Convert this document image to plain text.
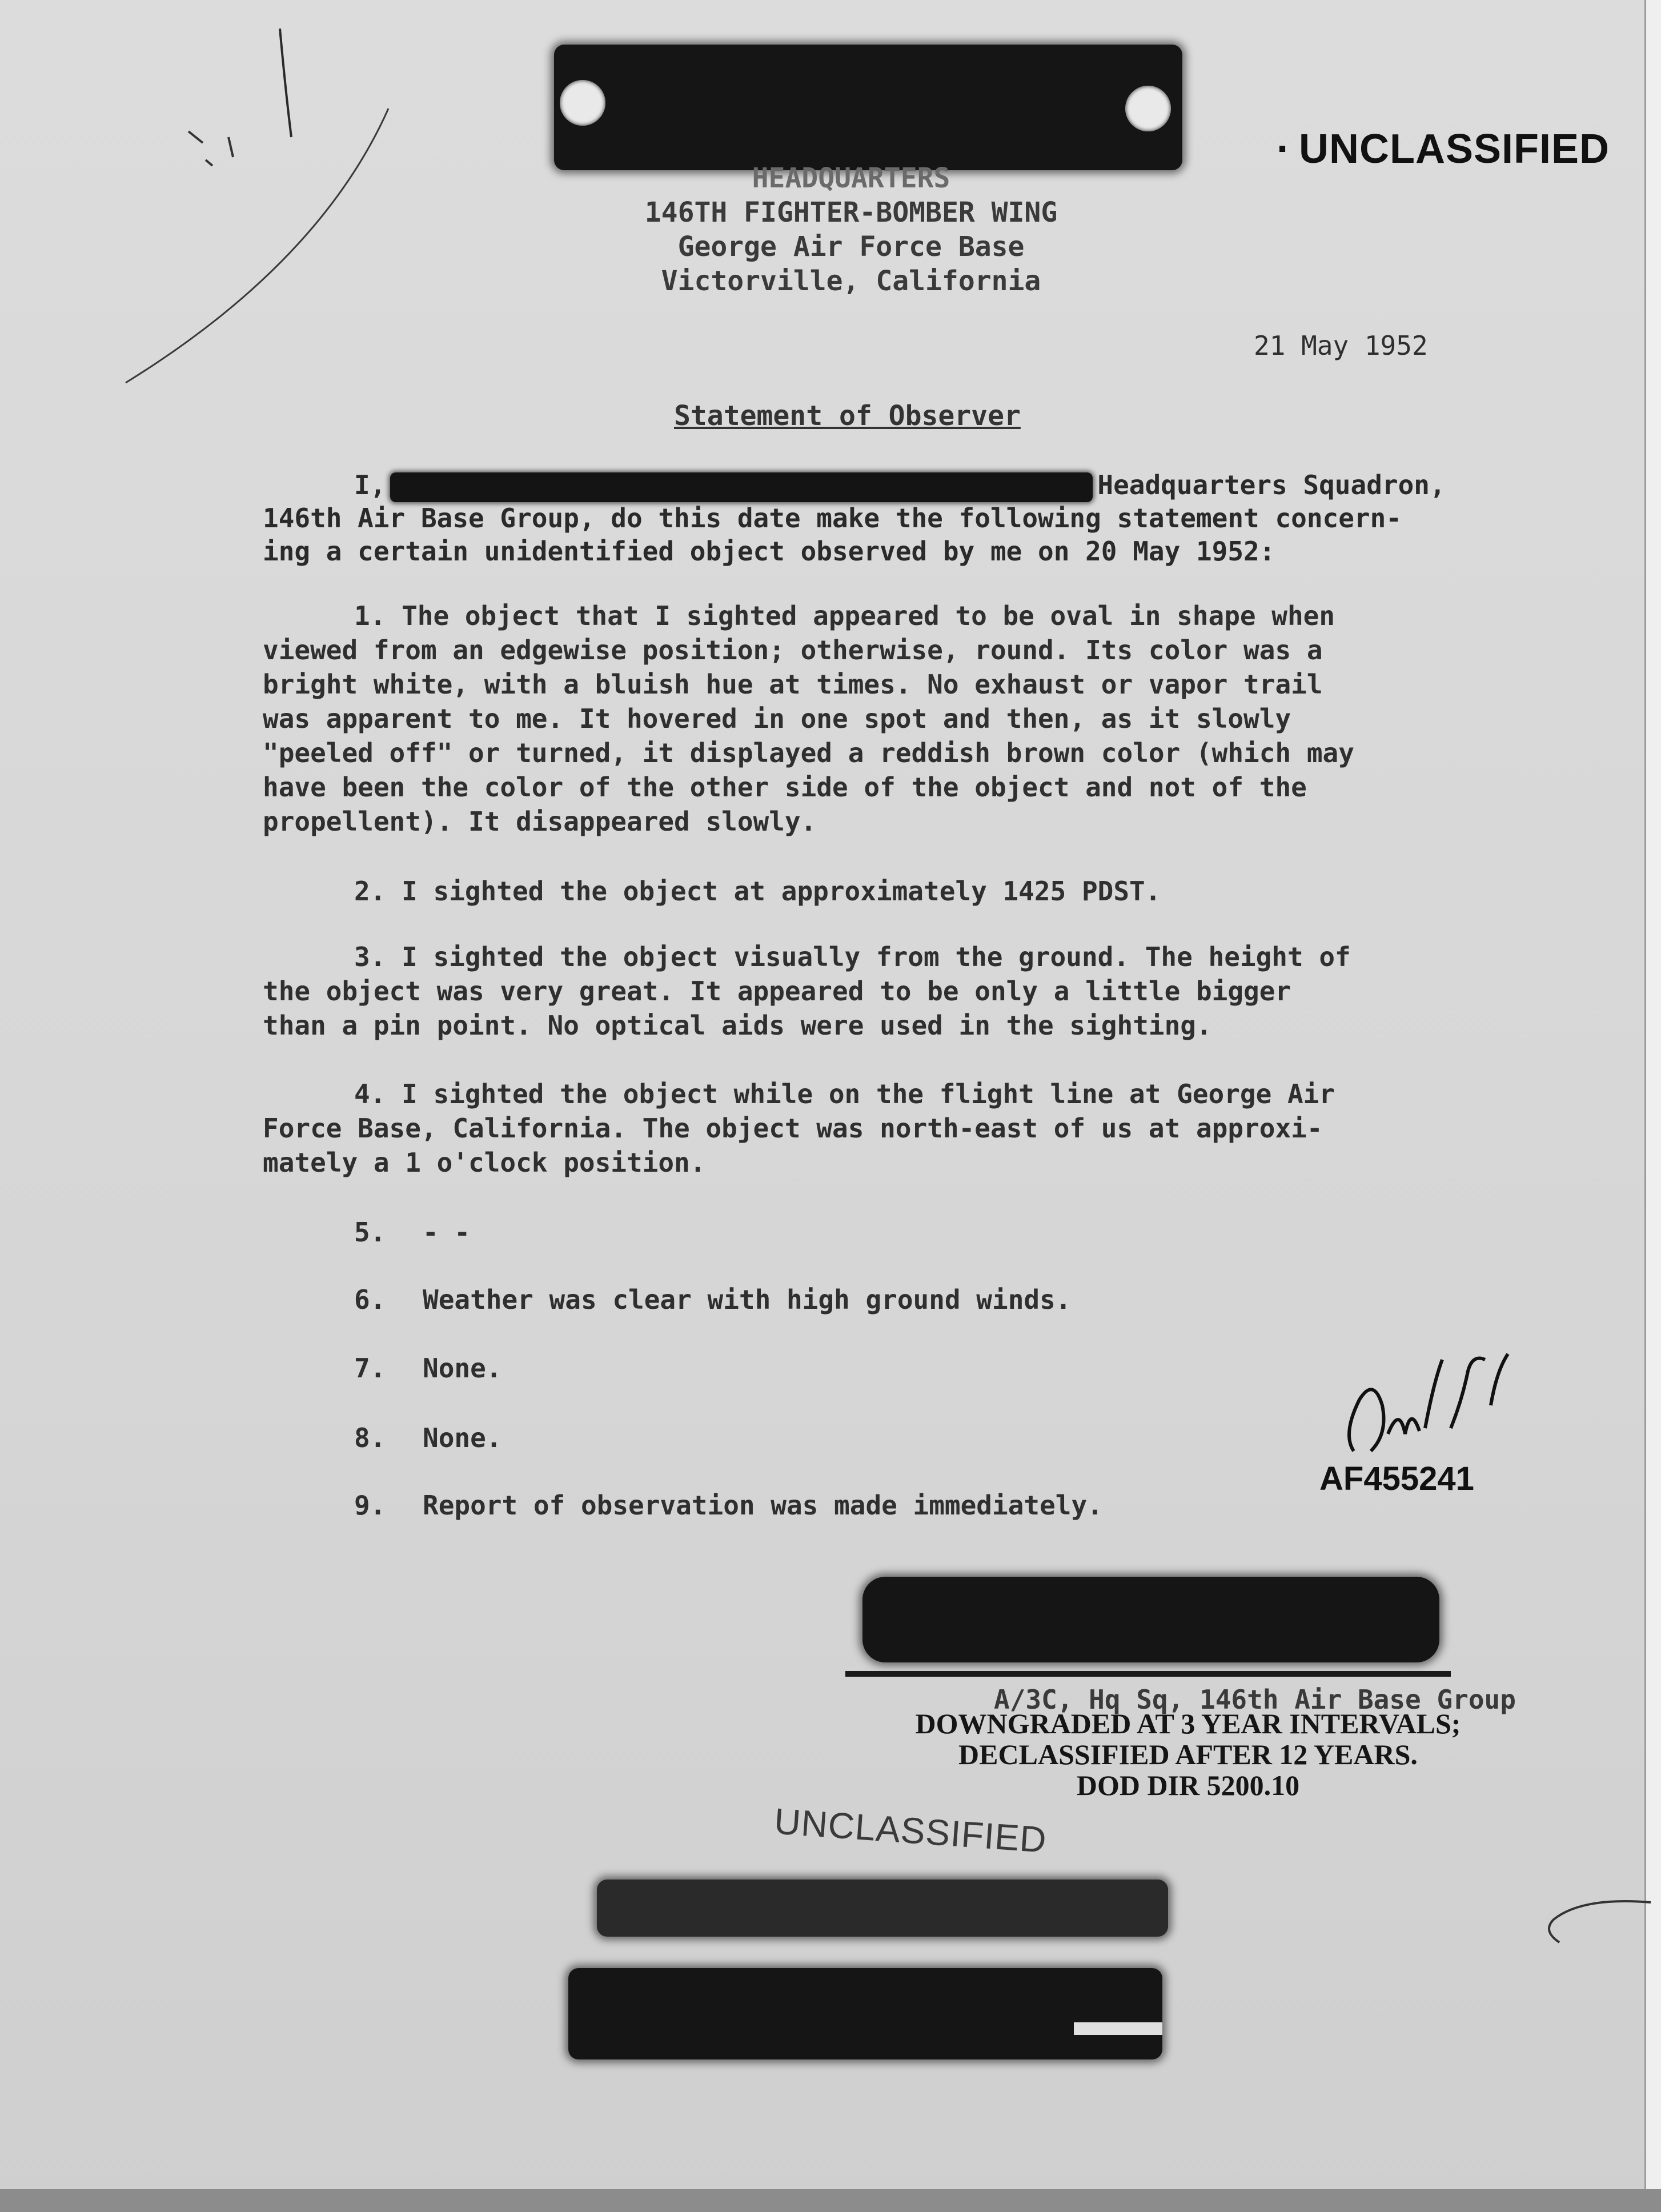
· UNCLASSIFIED
HEADQUARTERS
146TH FIGHTER-BOMBER WING
George Air Force Base
Victorville, California
21 May 1952
Statement of Observer
I,	Headquarters Squadron,
146th Air Base Group, do this date make the following statement concern-
ing a certain unidentified object observed by me on 20 May 1952:
1. The object that I sighted appeared to be oval in shape when
viewed from an edgewise position; otherwise, round. Its color was a
bright white, with a bluish hue at times. No exhaust or vapor trail
was apparent to me. It hovered in one spot and then, as it slowly
"peeled off" or turned, it displayed a reddish brown color (which may
have been the color of the other side of the object and not of the
propellent). It disappeared slowly.
2. I sighted the object at approximately 1425 PDST.
3. I sighted the object visually from the ground. The height of
the object was very great. It appeared to be only a little bigger
than a pin point. No optical aids were used in the sighting.
4. I sighted the object while on the flight line at George Air
Force Base, California. The object was north-east of us at approxi-
mately a 1 o'clock position.
5. - -
6. Weather was clear with high ground winds.
7. None.
8. None.
9. Report of observation was made immediately.
AF455241
A/3C, Hq Sq, 146th Air Base Group
DOWNGRADED AT 3 YEAR INTERVALS;
DECLASSIFIED AFTER 12 YEARS.
DOD DIR 5200.10
UNCLASSIFIED
